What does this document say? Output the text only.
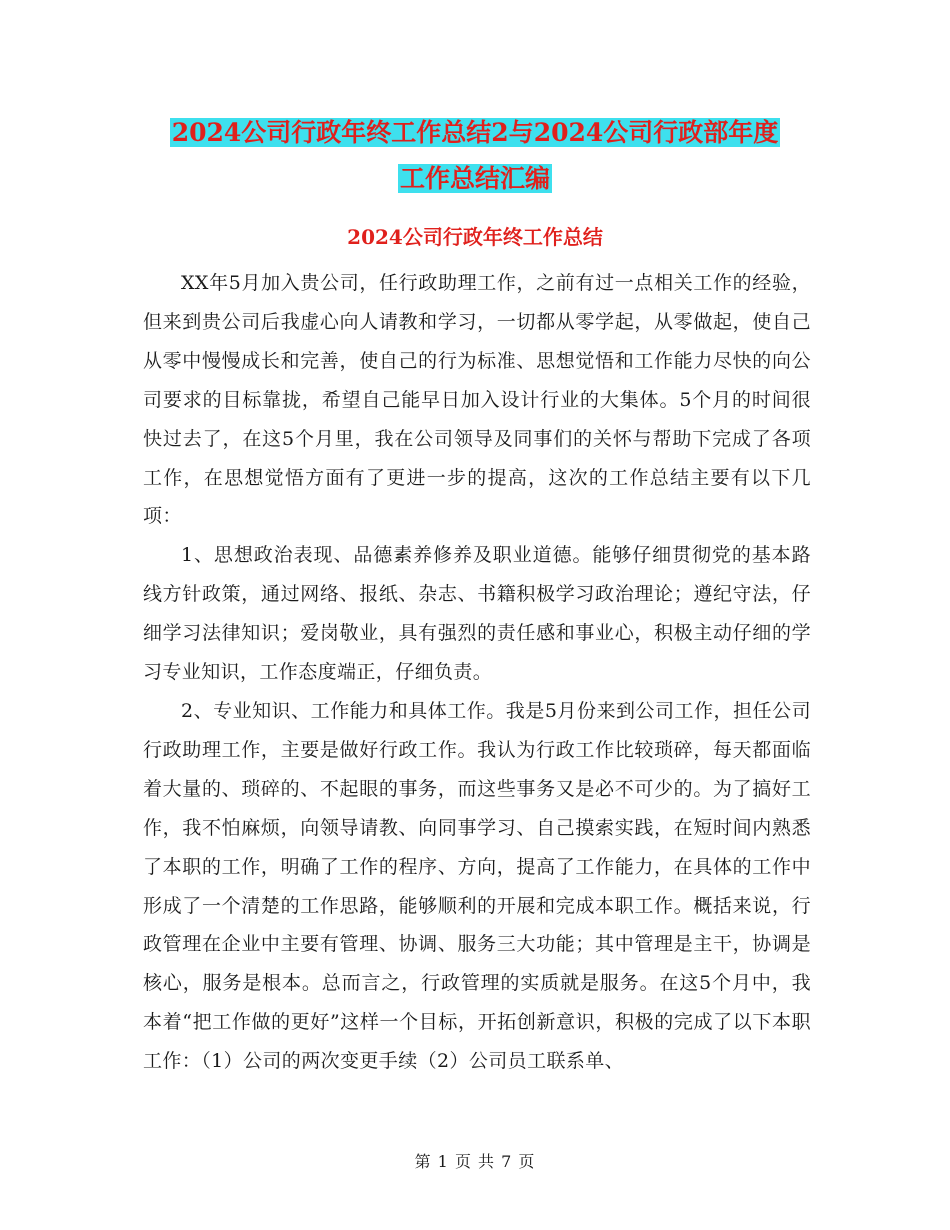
2024公司行政年终工作总结2与2024公司行政部年度
工作总结汇编
2024公司行政年终工作总结

XX年5月加入贵公司，任行政助理工作，之前有过一点相关工作的经验，但来到贵公司后我虚心向人请教和学习，一切都从零学起，从零做起，使自己从零中慢慢成长和完善，使自己的行为标准、思想觉悟和工作能力尽快的向公司要求的目标靠拢，希望自己能早日加入设计行业的大集体。5个月的时间很快过去了，在这5个月里，我在公司领导及同事们的关怀与帮助下完成了各项工作，在思想觉悟方面有了更进一步的提高，这次的工作总结主要有以下几项：

1、思想政治表现、品德素养修养及职业道德。能够仔细贯彻党的基本路线方针政策，通过网络、报纸、杂志、书籍积极学习政治理论；遵纪守法，仔细学习法律知识；爱岗敬业，具有强烈的责任感和事业心，积极主动仔细的学习专业知识，工作态度端正，仔细负责。

2、专业知识、工作能力和具体工作。我是5月份来到公司工作，担任公司行政助理工作，主要是做好行政工作。我认为行政工作比较琐碎，每天都面临着大量的、琐碎的、不起眼的事务，而这些事务又是必不可少的。为了搞好工作，我不怕麻烦，向领导请教、向同事学习、自己摸索实践，在短时间内熟悉了本职的工作，明确了工作的程序、方向，提高了工作能力，在具体的工作中形成了一个清楚的工作思路，能够顺利的开展和完成本职工作。概括来说，行政管理在企业中主要有管理、协调、服务三大功能；其中管理是主干，协调是核心，服务是根本。总而言之，行政管理的实质就是服务。在这5个月中，我本着“把工作做的更好”这样一个目标，开拓创新意识，积极的完成了以下本职工作：（1）公司的两次变更手续（2）公司员工联系单、

第 1 页 共 7 页
